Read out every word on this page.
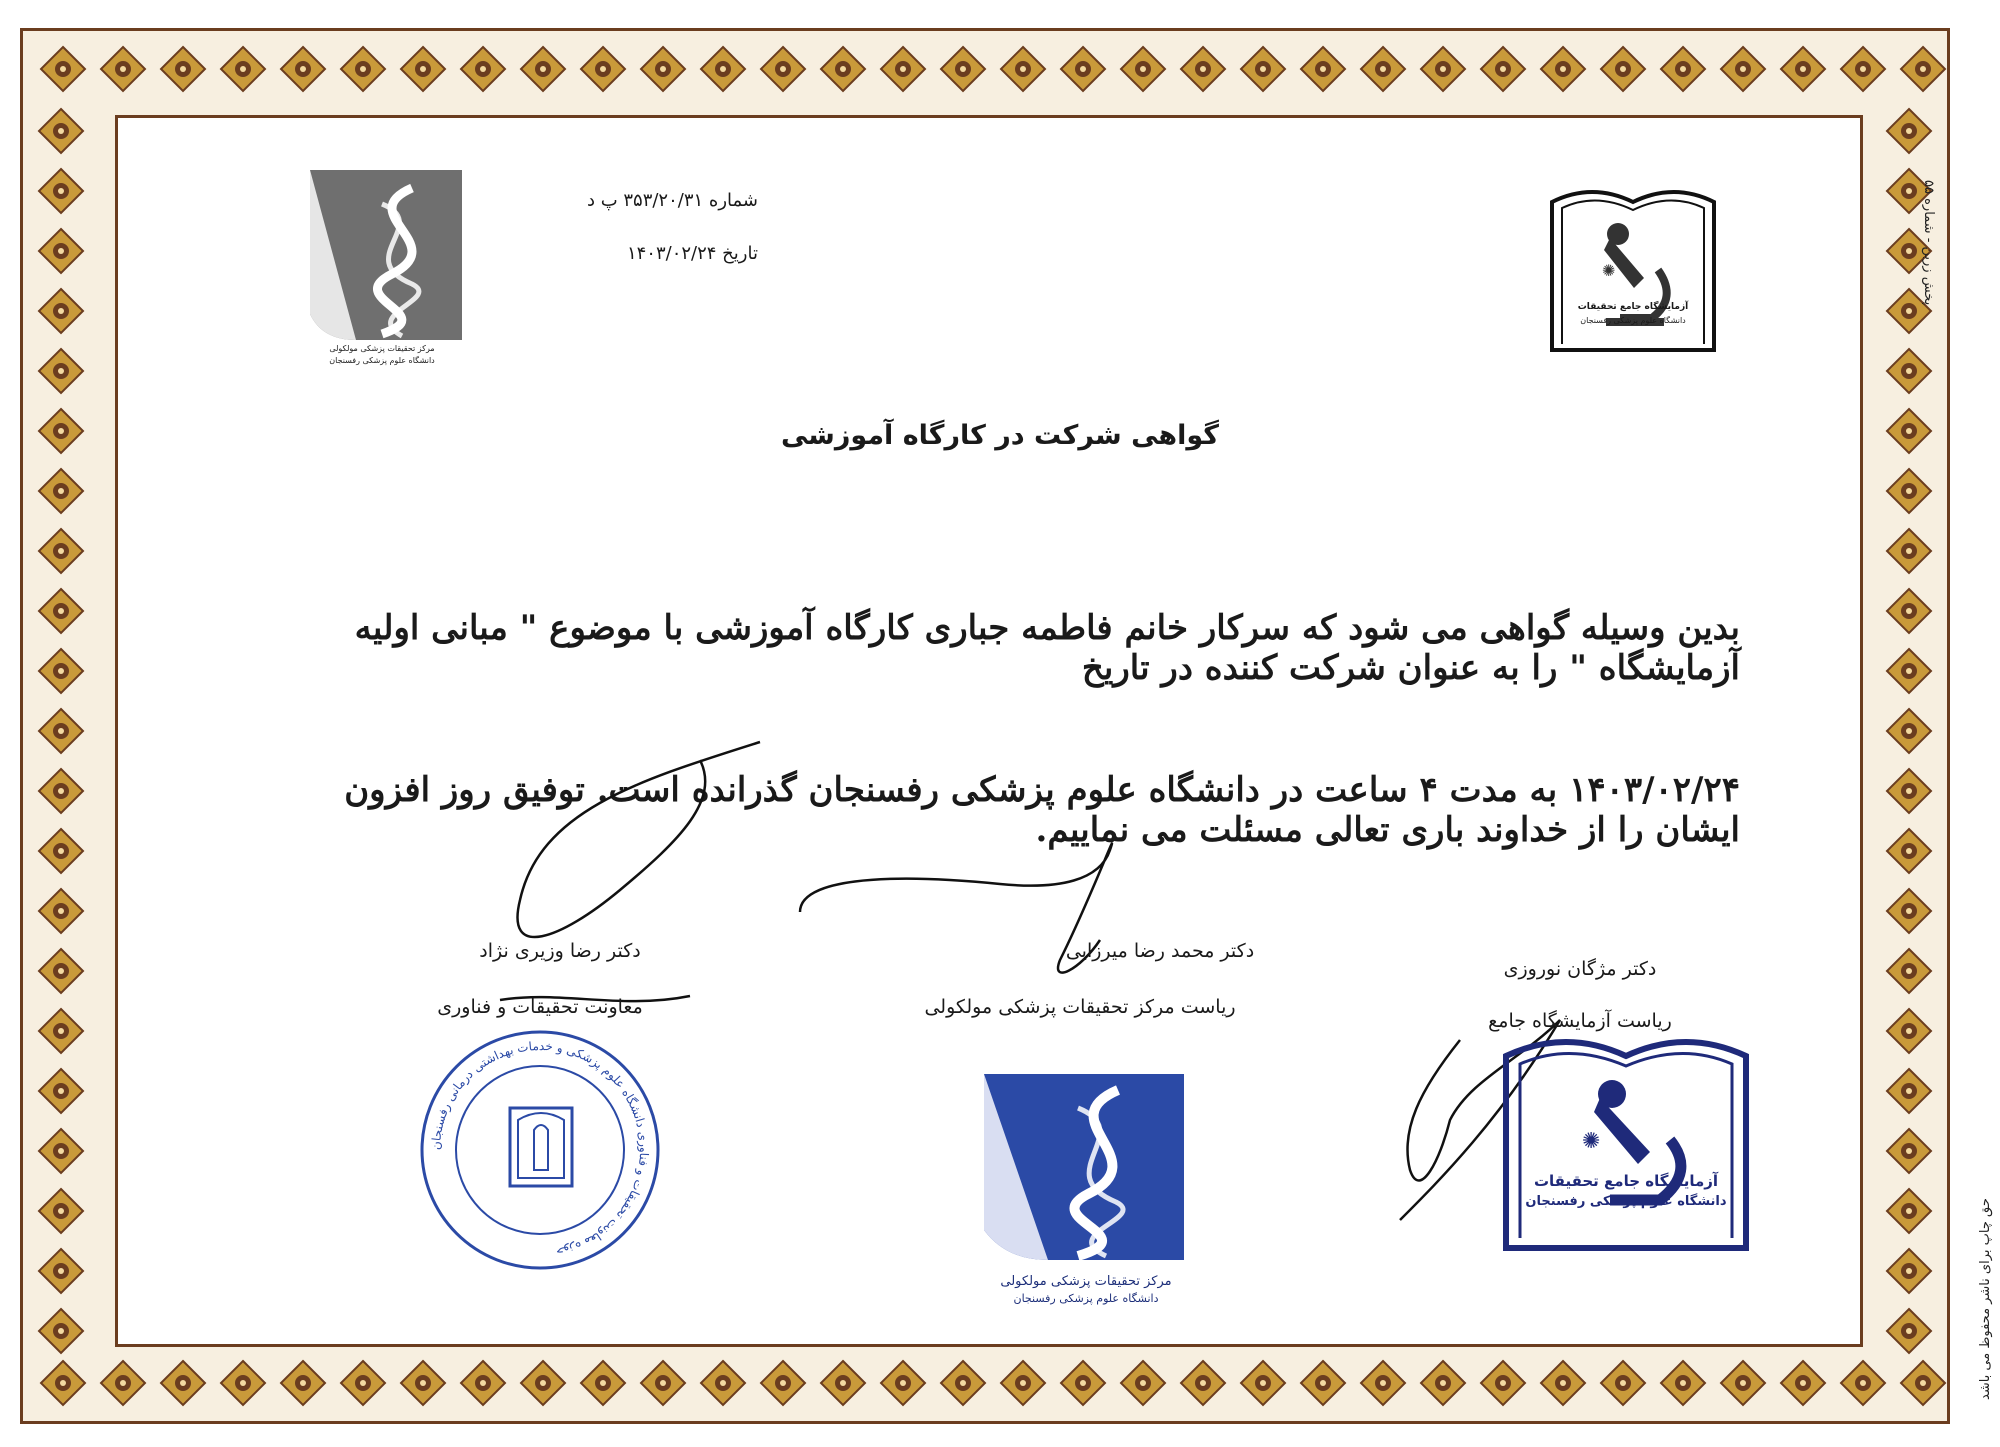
پخش زرین - شماره ۵۵
حق چاپ برای ناشر محفوظ می باشد
مرکز تحقیقات پزشکی مولکولی
دانشگاه علوم پزشکی رفسنجان
✺
آزمایشگاه جامع تحقیقات
دانشگاه علوم پزشکی رفسنجان
شماره ۳۵۳/۲۰/۳۱ پ د
تاریخ ۱۴۰۳/۰۲/۲۴
گواهی شرکت در کارگاه آموزشی
بدین وسیله گواهی می شود که سرکار خانم فاطمه جباری کارگاه آموزشی با موضوع " مبانی اولیه آزمایشگاه " را به عنوان شرکت کننده در تاریخ
۱۴۰۳/۰۲/۲۴ به مدت ۴ ساعت در دانشگاه علوم پزشکی رفسنجان گذرانده است. توفیق روز افزون ایشان را از خداوند باری تعالی مسئلت می نماییم.
دکتر رضا وزیری نژاد
معاونت تحقیقات و فناوری
دکتر محمد رضا میرزایی
ریاست مرکز تحقیقات پزشکی مولکولی
دکتر مژگان نوروزی
ریاست آزمایشگاه جامع
حوزه معاونت تحقیقات و فناوری دانشگاه علوم پزشکی و خدمات بهداشتی درمانی رفسنجان
مرکز تحقیقات پزشکی مولکولی
دانشگاه علوم پزشکی رفسنجان
✺
آزمایشگاه جامع تحقیقات
دانشگاه علوم پزشکی رفسنجان
